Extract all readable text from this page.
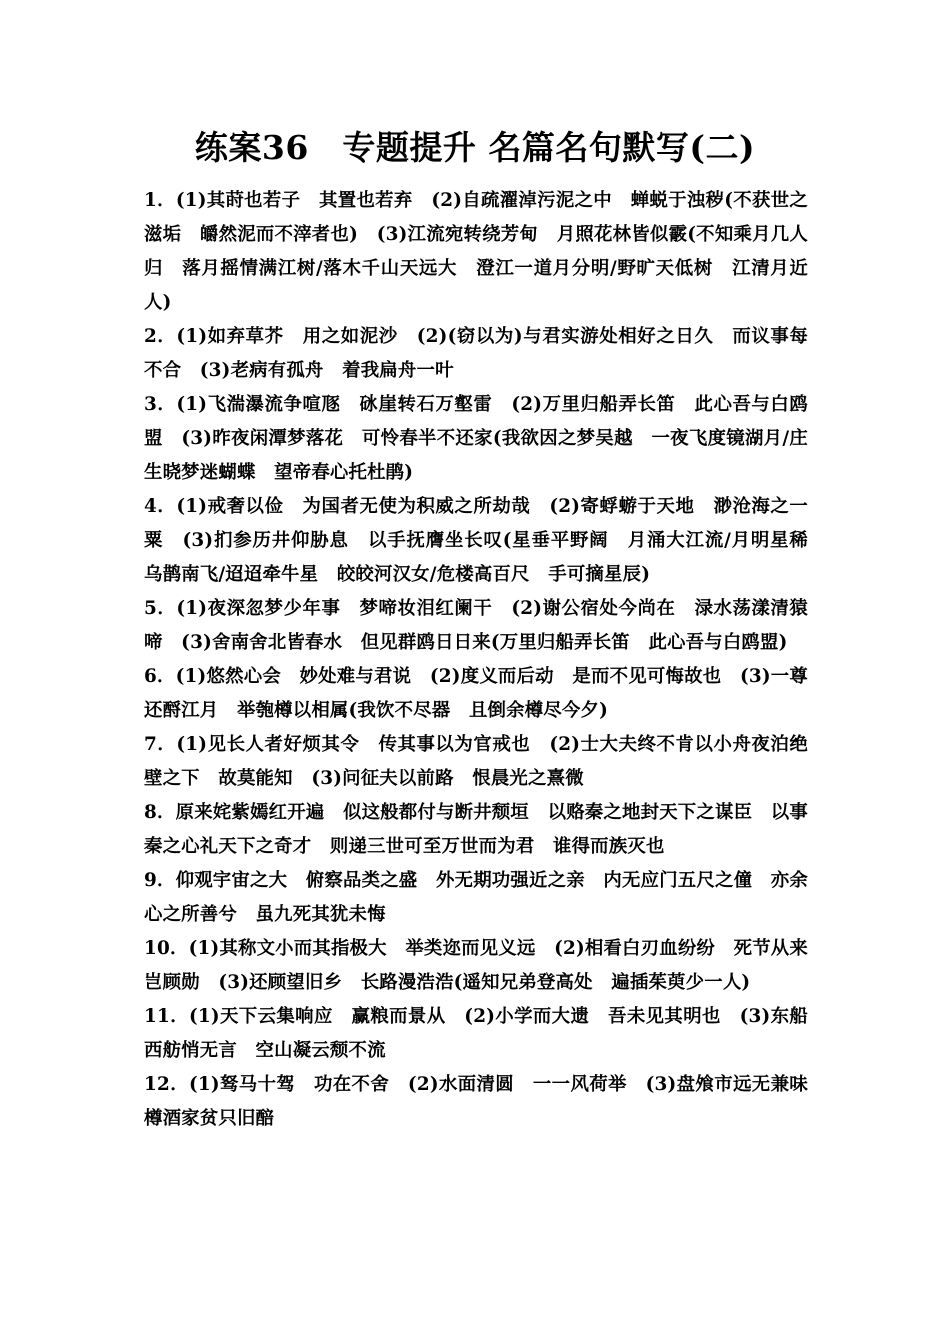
练案36　专题提升 名篇名句默写(二)

1．(1)其莳也若子　其置也若弃　(2)自疏濯淖污泥之中　蝉蜕于浊秽(不获世之滋垢　皭然泥而不滓者也)　(3)江流宛转绕芳甸　月照花林皆似霰(不知乘月几人归　落月摇情满江树/落木千山天远大　澄江一道月分明/野旷天低树　江清月近人)

2．(1)如弃草芥　用之如泥沙　(2)(窃以为)与君实游处相好之日久　而议事每不合　(3)老病有孤舟　着我扁舟一叶

3．(1)飞湍瀑流争喧豗　砯崖转石万壑雷　(2)万里归船弄长笛　此心吾与白鸥盟　(3)昨夜闲潭梦落花　可怜春半不还家(我欲因之梦吴越　一夜飞度镜湖月/庄生晓梦迷蝴蝶　望帝春心托杜鹃)

4．(1)戒奢以俭　为国者无使为积威之所劫哉　(2)寄蜉蝣于天地　渺沧海之一粟　(3)扪参历井仰胁息　以手抚膺坐长叹(星垂平野阔　月涌大江流/月明星稀　乌鹊南飞/迢迢牵牛星　皎皎河汉女/危楼高百尺　手可摘星辰)

5．(1)夜深忽梦少年事　梦啼妆泪红阑干　(2)谢公宿处今尚在　渌水荡漾清猿啼　(3)舍南舍北皆春水　但见群鸥日日来(万里归船弄长笛　此心吾与白鸥盟)

6．(1)悠然心会　妙处难与君说　(2)度义而后动　是而不见可悔故也　(3)一尊还酹江月　举匏樽以相属(我饮不尽器　且倒余樽尽今夕)

7．(1)见长人者好烦其令　传其事以为官戒也　(2)士大夫终不肯以小舟夜泊绝壁之下　故莫能知　(3)问征夫以前路　恨晨光之熹微

8．原来姹紫嫣红开遍　似这般都付与断井颓垣　以赂秦之地封天下之谋臣　以事秦之心礼天下之奇才　则递三世可至万世而为君　谁得而族灭也

9．仰观宇宙之大　俯察品类之盛　外无期功强近之亲　内无应门五尺之僮　亦余心之所善兮　虽九死其犹未悔

10．(1)其称文小而其指极大　举类迩而见义远　(2)相看白刃血纷纷　死节从来岂顾勋　(3)还顾望旧乡　长路漫浩浩(遥知兄弟登高处　遍插茱萸少一人)

11．(1)天下云集响应　赢粮而景从　(2)小学而大遗　吾未见其明也　(3)东船西舫悄无言　空山凝云颓不流

12．(1)驽马十驾　功在不舍　(2)水面清圆　一一风荷举　(3)盘飧市远无兼味　樽酒家贫只旧醅
